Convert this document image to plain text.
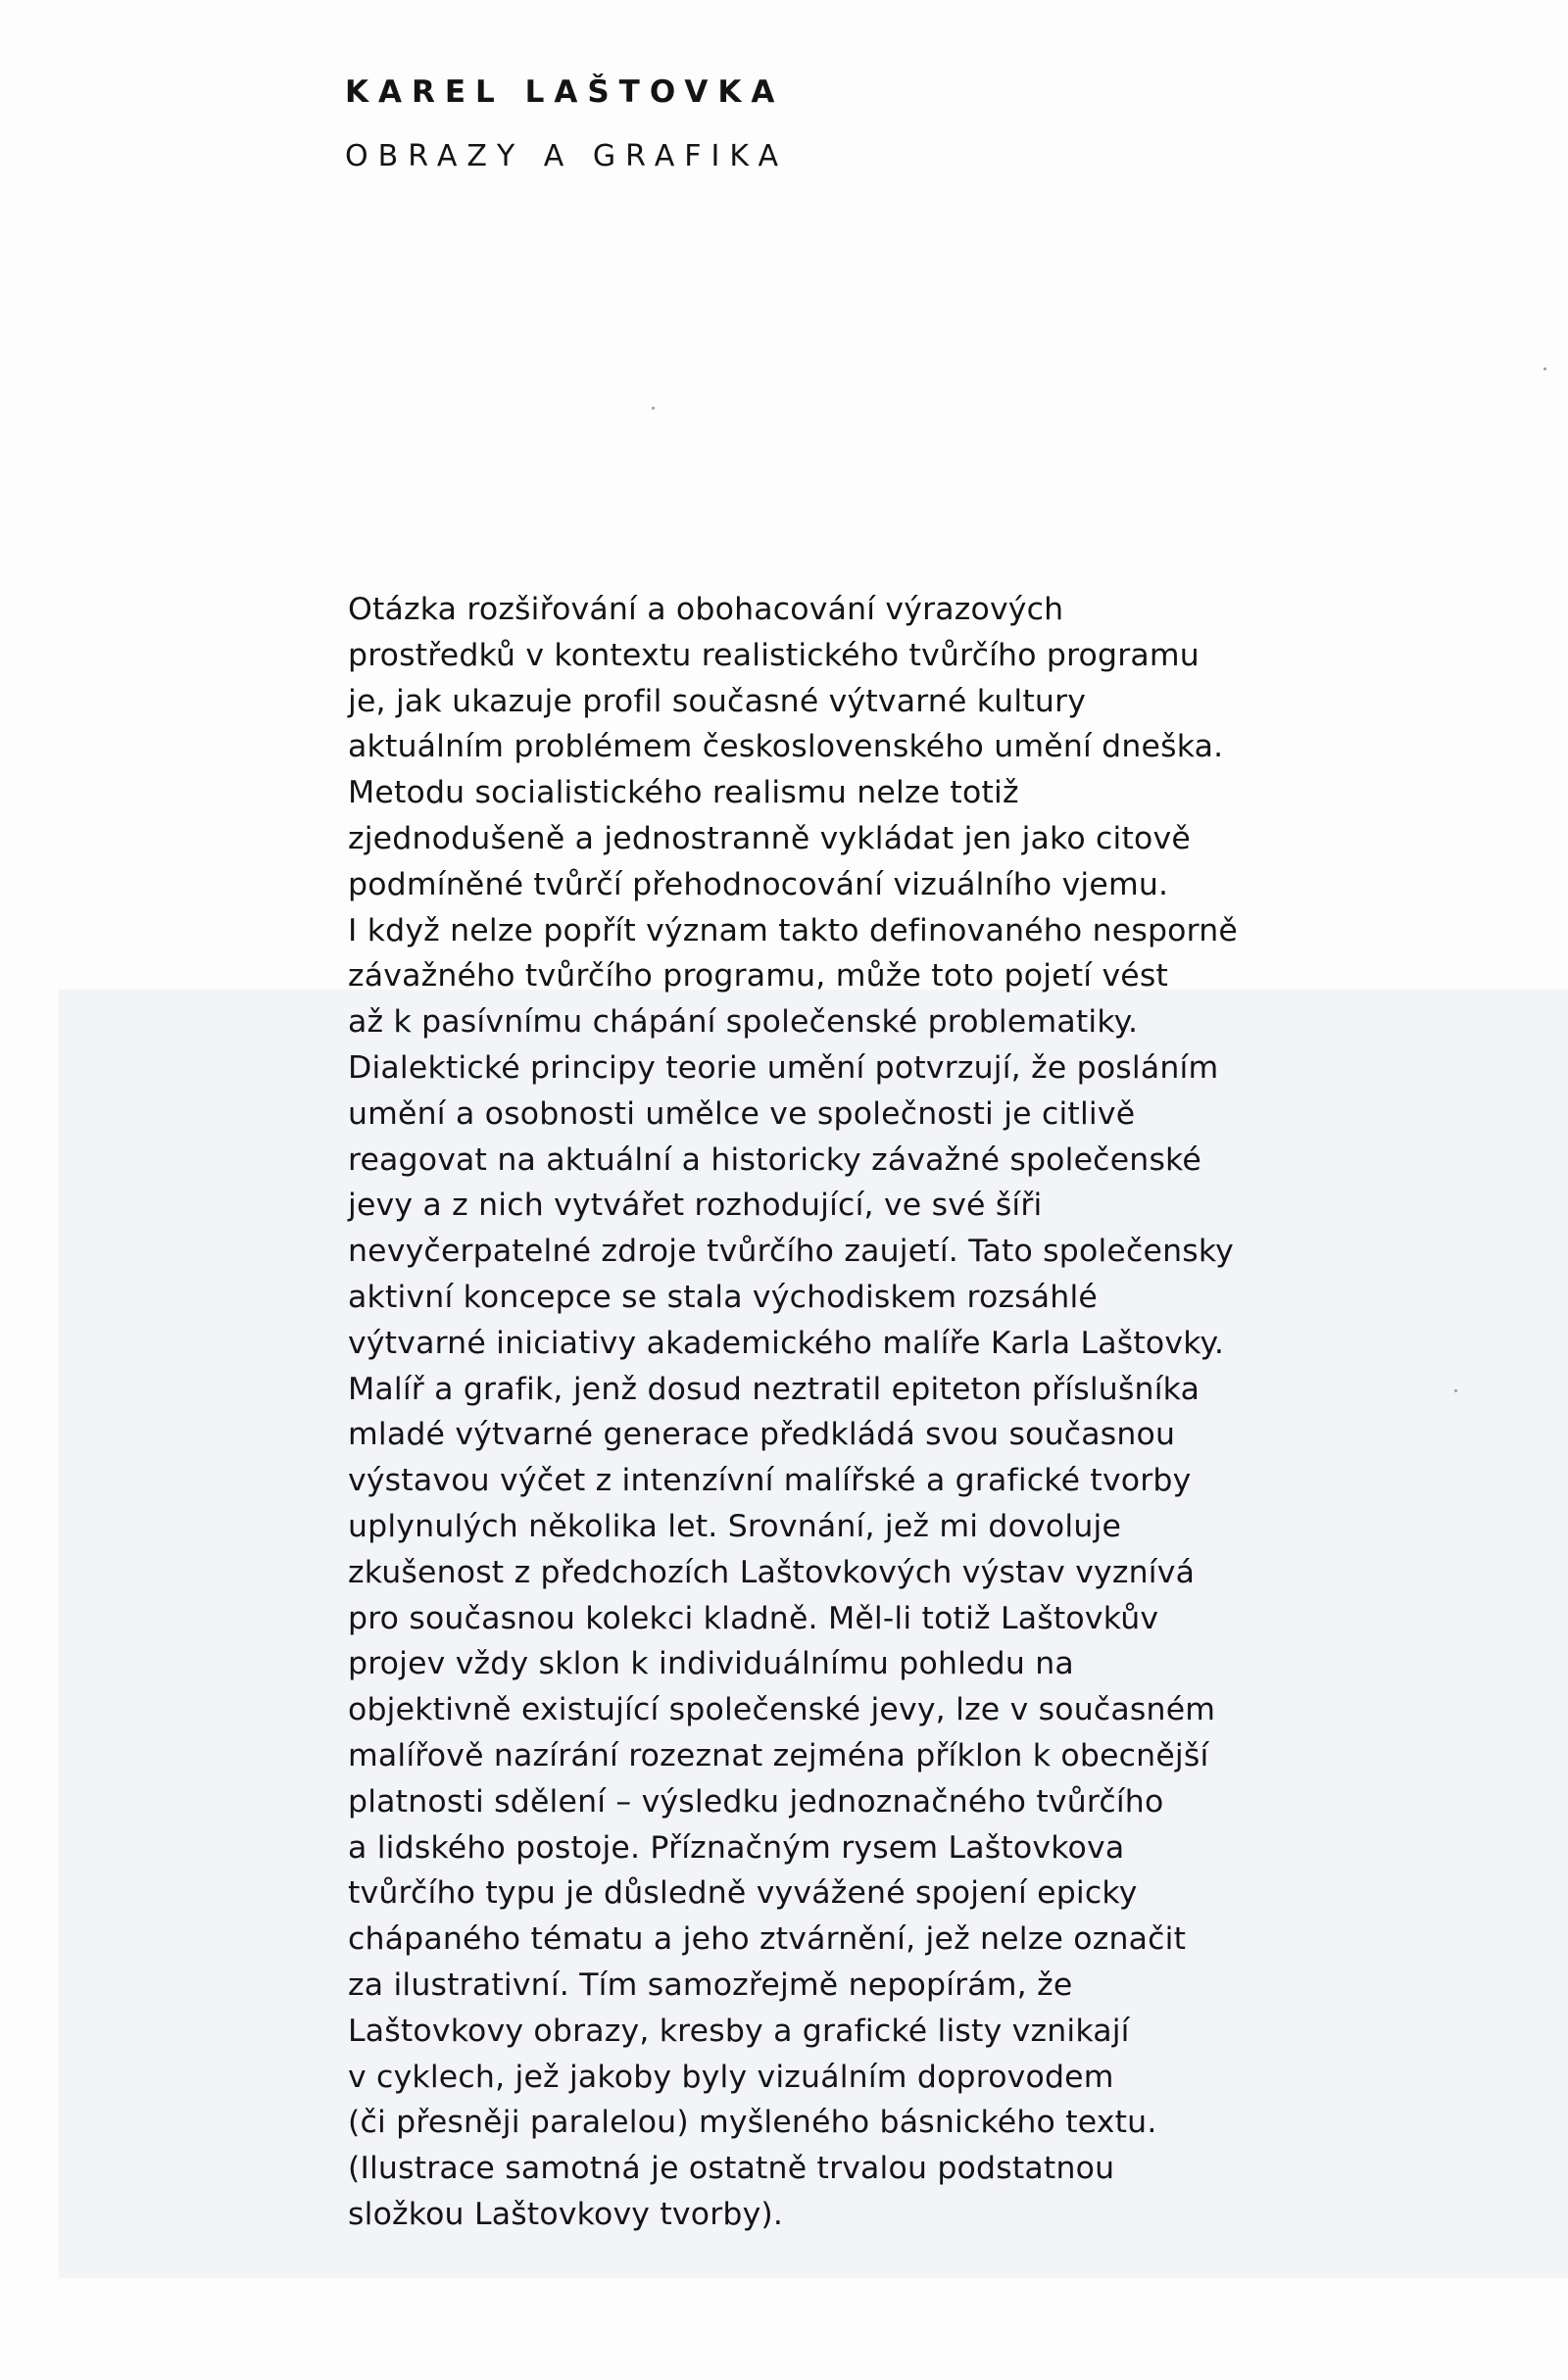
KAREL LAŠTOVKA
OBRAZY A GRAFIKA
Otázka rozšiřování a obohacování výrazových
prostředků v kontextu realistického tvůrčího programu
je, jak ukazuje profil současné výtvarné kultury
aktuálním problémem československého umění dneška.
Metodu socialistického realismu nelze totiž
zjednodušeně a jednostranně vykládat jen jako citově
podmíněné tvůrčí přehodnocování vizuálního vjemu.
I když nelze popřít význam takto definovaného nesporně
závažného tvůrčího programu, může toto pojetí vést
až k pasívnímu chápání společenské problematiky.
Dialektické principy teorie umění potvrzují, že posláním
umění a osobnosti umělce ve společnosti je citlivě
reagovat na aktuální a historicky závažné společenské
jevy a z nich vytvářet rozhodující, ve své šíři
nevyčerpatelné zdroje tvůrčího zaujetí. Tato společensky
aktivní koncepce se stala východiskem rozsáhlé
výtvarné iniciativy akademického malíře Karla Laštovky.
Malíř a grafik, jenž dosud neztratil epiteton příslušníka
mladé výtvarné generace předkládá svou současnou
výstavou výčet z intenzívní malířské a grafické tvorby
uplynulých několika let. Srovnání, jež mi dovoluje
zkušenost z předchozích Laštovkových výstav vyznívá
pro současnou kolekci kladně. Měl-li totiž Laštovkův
projev vždy sklon k individuálnímu pohledu na
objektivně existující společenské jevy, lze v současném
malířově nazírání rozeznat zejména příklon k obecnější
platnosti sdělení – výsledku jednoznačného tvůrčího
a lidského postoje. Příznačným rysem Laštovkova
tvůrčího typu je důsledně vyvážené spojení epicky
chápaného tématu a jeho ztvárnění, jež nelze označit
za ilustrativní. Tím samozřejmě nepopírám, že
Laštovkovy obrazy, kresby a grafické listy vznikají
v cyklech, jež jakoby byly vizuálním doprovodem
(či přesněji paralelou) myšleného básnického textu.
(Ilustrace samotná je ostatně trvalou podstatnou
složkou Laštovkovy tvorby).
